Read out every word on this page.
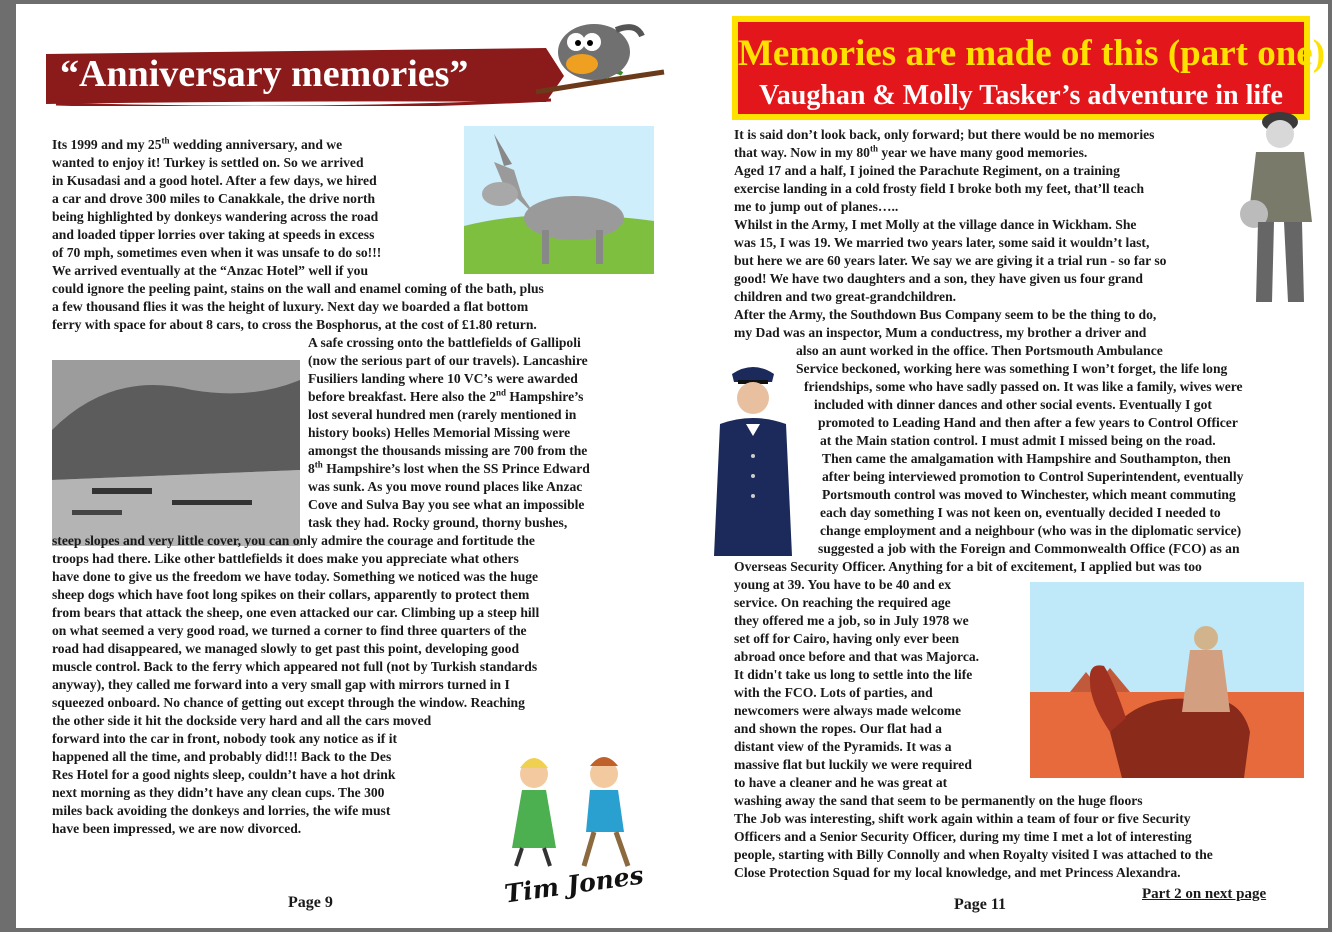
“Anniversary memories”
Its 1999 and my 25th wedding anniversary, and we
wanted to enjoy it! Turkey is settled on. So we arrived
in Kusadasi and a good hotel. After a few days, we hired
a car and drove 300 miles to Canakkale, the drive north
being highlighted by donkeys wandering across the road
and loaded tipper lorries over taking at speeds in excess
of 70 mph, sometimes even when it was unsafe to do so!!!
We arrived eventually at the “Anzac Hotel” well if you
could ignore the peeling paint, stains on the wall and enamel coming of the bath, plus
a few thousand flies it was the height of luxury. Next day we boarded a flat bottom
ferry with space for about 8 cars, to cross the Bosphorus, at the cost of £1.80 return.
A safe crossing onto the battlefields of Gallipoli
(now the serious part of our travels). Lancashire
Fusiliers landing where 10 VC’s were awarded
before breakfast. Here also the 2nd Hampshire’s
lost several hundred men (rarely mentioned in
history books) Helles Memorial Missing were
amongst the thousands missing are 700 from the
8th Hampshire’s lost when the SS Prince Edward
was sunk. As you move round places like Anzac
Cove and Sulva Bay you see what an impossible
task they had. Rocky ground, thorny bushes,
steep slopes and very little cover, you can only admire the courage and fortitude the
troops had there. Like other battlefields it does make you appreciate what others
have done to give us the freedom we have today. Something we noticed was the huge
sheep dogs which have foot long spikes on their collars, apparently to protect them
from bears that attack the sheep, one even attacked our car. Climbing up a steep hill
on what seemed a very good road, we turned a corner to find three quarters of the
road had disappeared, we managed slowly to get past this point, developing good
muscle control. Back to the ferry which appeared not full (not by Turkish standards
anyway), they called me forward into a very small gap with mirrors turned in I
squeezed onboard. No chance of getting out except through the window. Reaching
the other side it hit the dockside very hard and all the cars moved
forward into the car in front, nobody took any notice as if it
happened all the time, and probably did!!! Back to the Des
Res Hotel for a good nights sleep, couldn’t have a hot drink
next morning as they didn’t have any clean cups. The 300
miles back avoiding the donkeys and lorries, the wife must
have been impressed, we are now divorced.
Tim Jones
Page 9
Memories are made of this (part one)
Vaughan & Molly Tasker’s adventure in life
It is said don’t look back, only forward; but there would be no memories
that way. Now in my 80th year we have many good memories.
Aged 17 and a half, I joined the Parachute Regiment, on a training
exercise landing in a cold frosty field I broke both my feet, that’ll teach
me to jump out of planes…..
Whilst in the Army, I met Molly at the village dance in Wickham. She
was 15, I was 19. We married two years later, some said it wouldn’t last,
but here we are 60 years later. We say we are giving it a trial run - so far so
good! We have two daughters and a son, they have given us four grand
children and two great-grandchildren.
After the Army, the Southdown Bus Company seem to be the thing to do,
my Dad was an inspector, Mum a conductress, my brother a driver and
also an aunt worked in the office. Then Portsmouth Ambulance
Service beckoned, working here was something I won’t forget, the life long
friendships, some who have sadly passed on. It was like a family, wives were
included with dinner dances and other social events. Eventually I got
promoted to Leading Hand and then after a few years to Control Officer
at the Main station control. I must admit I missed being on the road.
Then came the amalgamation with Hampshire and Southampton, then
after being interviewed promotion to Control Superintendent, eventually
Portsmouth control was moved to Winchester, which meant commuting
each day something I was not keen on, eventually decided I needed to
change employment and a neighbour (who was in the diplomatic service)
suggested a job with the Foreign and Commonwealth Office (FCO) as an
Overseas Security Officer. Anything for a bit of excitement, I applied but was too
young at 39. You have to be 40 and ex
service. On reaching the required age
they offered me a job, so in July 1978 we
set off for Cairo, having only ever been
abroad once before and that was Majorca.
It didn't take us long to settle into the life
with the FCO. Lots of parties, and
newcomers were always made welcome
and shown the ropes. Our flat had a
distant view of the Pyramids. It was a
massive flat but luckily we were required
to have a cleaner and he was great at
washing away the sand that seem to be permanently on the huge floors
The Job was interesting, shift work again within a team of four or five Security
Officers and a Senior Security Officer, during my time I met a lot of interesting
people, starting with Billy Connolly and when Royalty visited I was attached to the
Close Protection Squad for my local knowledge, and met Princess Alexandra.
Part 2 on next page
Page 11
